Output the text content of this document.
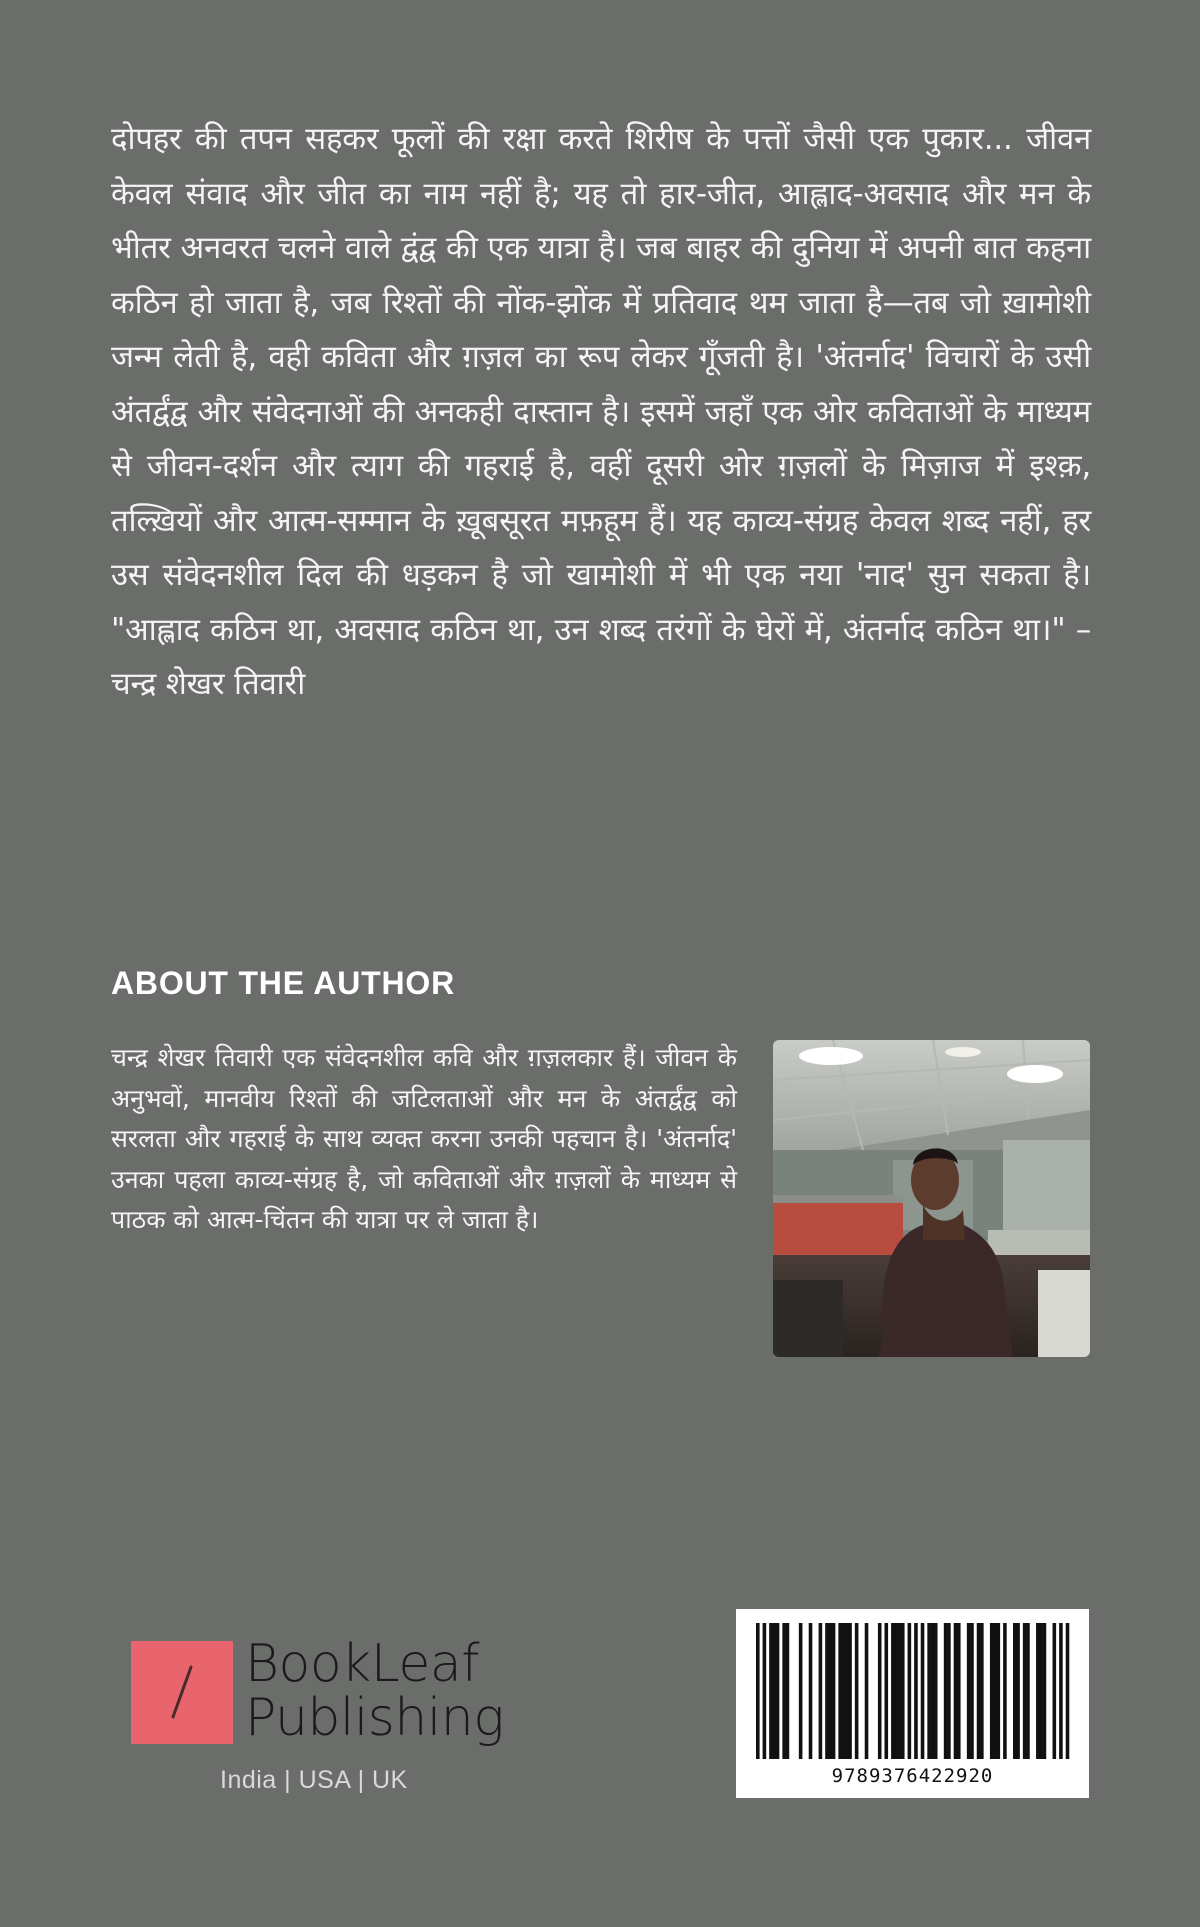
दोपहर की तपन सहकर फूलों की रक्षा करते शिरीष के पत्तों जैसी एक पुकार... जीवन केवल संवाद और जीत का नाम नहीं है; यह तो हार-जीत, आह्लाद-अवसाद और मन के भीतर अनवरत चलने वाले द्वंद्व की एक यात्रा है। जब बाहर की दुनिया में अपनी बात कहना कठिन हो जाता है, जब रिश्तों की नोंक-झोंक में प्रतिवाद थम जाता है—तब जो ख़ामोशी जन्म लेती है, वही कविता और ग़ज़ल का रूप लेकर गूँजती है। 'अंतर्नाद' विचारों के उसी अंतर्द्वंद्व और संवेदनाओं की अनकही दास्तान है। इसमें जहाँ एक ओर कविताओं के माध्यम से जीवन-दर्शन और त्याग की गहराई है, वहीं दूसरी ओर ग़ज़लों के मिज़ाज में इश्क़, तल्ख़ियों और आत्म-सम्मान के ख़ूबसूरत मफ़हूम हैं। यह काव्य-संग्रह केवल शब्द नहीं, हर उस संवेदनशील दिल की धड़कन है जो खामोशी में भी एक नया 'नाद' सुन सकता है। "आह्लाद कठिन था, अवसाद कठिन था, उन शब्द तरंगों के घेरों में, अंतर्नाद कठिन था।" – चन्द्र शेखर तिवारी
ABOUT THE AUTHOR
चन्द्र शेखर तिवारी एक संवेदनशील कवि और ग़ज़लकार हैं। जीवन के अनुभवों, मानवीय रिश्तों की जटिलताओं और मन के अंतर्द्वंद्व को सरलता और गहराई के साथ व्यक्त करना उनकी पहचान है। 'अंतर्नाद' उनका पहला काव्य-संग्रह है, जो कविताओं और ग़ज़लों के माध्यम से पाठक को आत्म-चिंतन की यात्रा पर ले जाता है।
BookLeaf
Publishing
India | USA | UK	9789376422920
